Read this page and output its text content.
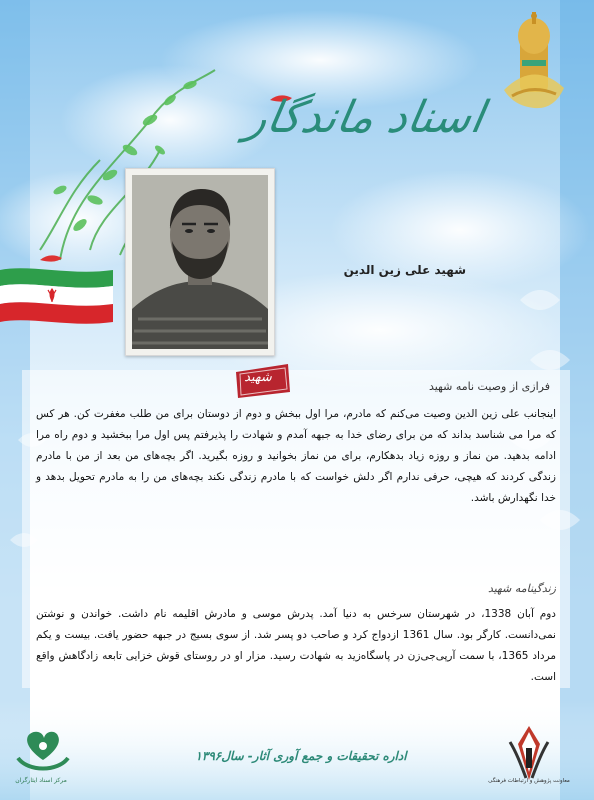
اسناد ماندگار
شهید علی زین الدین
شهید
فرازی از وصیت نامه شهید
اینجانب علی زین الدین وصیت می‌کنم که مادرم، مرا اول ببخش و دوم از دوستان برای من طلب مغفرت کن. هر کس که مرا می شناسد بداند که من برای رضای خدا به جبهه آمدم و شهادت را پذیرفتم پس اول مرا ببخشید و دوم راه مرا ادامه بدهید. من نماز و روزه زیاد بدهکارم، برای من نماز بخوانید و روزه بگیرید. اگر بچه‌های من بعد از من با مادرم زندگی کردند که هیچی، حرفی ندارم اگر دلش خواست که با مادرم زندگی نکند بچه‌های من را به مادرم تحویل بدهد و خدا نگهدارش باشد.
زندگینامه شهید
دوم آبان 1338، در شهرستان سرخس به دنیا آمد. پدرش موسی و مادرش اقلیمه نام داشت. خواندن و نوشتن نمی‌دانست. کارگر بود. سال 1361 ازدواج کرد و صاحب دو پسر شد. از سوی بسیج در جبهه حضور یافت. بیست و یکم مرداد 1365، با سمت آرپی‌جی‌زن در پاسگاه‌زید به شهادت رسید. مزار او در روستای قوش خزایی تابعه زادگاهش واقع است.
اداره تحقیقات و جمع آوری آثار- سال۱۳۹۶
مرکز اسناد ایثارگران	معاونت پژوهش و ارتباطات فرهنگی
